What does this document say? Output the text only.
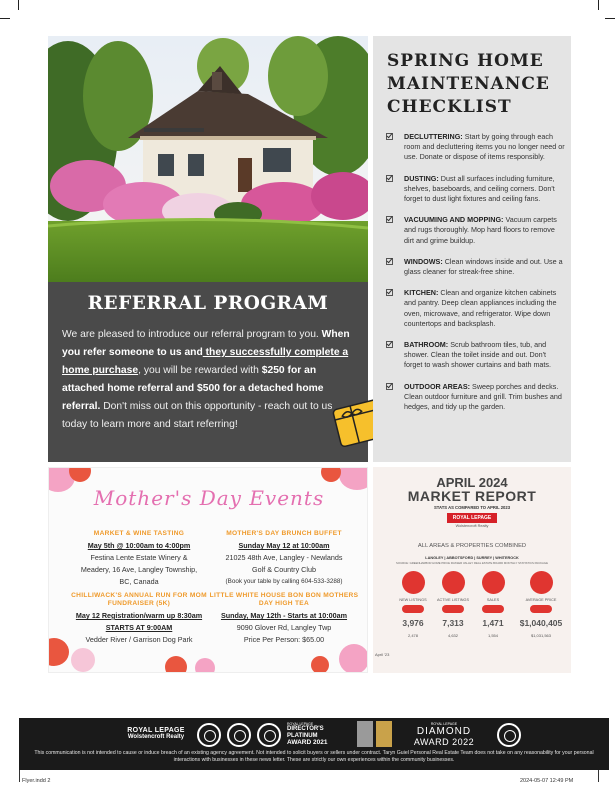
REFERRAL PROGRAM
We are pleased to introduce our referral program to you. When you refer someone to us and they successfully complete a home purchase, you will be rewarded with $250 for an attached home referral and $500 for a detached home referral. Don't miss out on this opportunity - reach out to us today to learn more and start referring!
SPRING HOME MAINTENANCE CHECKLIST
DECLUTTERING: Start by going through each room and decluttering items you no longer need or use. Donate or dispose of items responsibly.
DUSTING: Dust all surfaces including furniture, shelves, baseboards, and ceiling corners. Don't forget to dust light fixtures and ceiling fans.
VACUUMING AND MOPPING: Vacuum carpets and rugs thoroughly. Mop hard floors to remove dirt and grime buildup.
WINDOWS: Clean windows inside and out. Use a glass cleaner for streak-free shine.
KITCHEN: Clean and organize kitchen cabinets and pantry. Deep clean appliances including the oven, microwave, and refrigerator. Wipe down countertops and backsplash.
BATHROOM: Scrub bathroom tiles, tub, and shower. Clean the toilet inside and out. Don't forget to wash shower curtains and bath mats.
OUTDOOR AREAS: Sweep porches and decks. Clean outdoor furniture and grill. Trim bushes and hedges, and tidy up the garden.
Mother's Day Events
MARKET & WINE TASTING
May 5th @ 10:00am to 4:00pm
Festina Lente Estate Winery &
Meadery, 16 Ave, Langley Township,
BC, Canada
MOTHER'S DAY BRUNCH BUFFET
Sunday May 12 at 10:00am
21025 48th Ave, Langley - Newlands
Golf & Country Club
(Book your table by calling 604-533-3288)
CHILLIWACK'S ANNUAL RUN FOR MOM FUNDRAISER (5K)
May 12 Registration/warm up 8:30am
STARTS AT 9:00AM
Vedder River / Garrison Dog Park
LITTLE WHITE HOUSE BON BON MOTHERS DAY HIGH TEA
Sunday, May 12th - Starts at 10:00am
9090 Glover Rd, Langley Twp
Price Per Person: $65.00
APRIL 2024
MARKET REPORT
STATS AS COMPARED TO APRIL 2023
ROYAL LEPAGE
Wolstencroft Realty
ALL AREAS & PROPERTIES COMBINED
LANGLEY | ABBOTSFORD | SURREY | WHITEROCK
SOURCE: GREENHARBOR HOME PRICE FRASER VALLEY REAL ESTATE BOARD MONTHLY STATISTICS PACKAGE
NEW LISTINGS
3,976
2,478
ACTIVE LISTINGS
7,313
4,632
SALES
1,471
1,554
AVERAGE PRICE
$1,040,405
$1,031,563
April '23
ROYAL LEPAGE
Wolstencroft Realty
ROYAL LEPAGE
DIRECTOR'S
PLATINUM
AWARD 2021
ROYAL LEPAGE
DIAMOND
AWARD 2022
This communication is not intended to cause or induce breach of an existing agency agreement. Not intended to solicit buyers or sellers under contract. Taryn Guiel Personal Real Estate Team does not take on any reasonability for your personal interactions with businesses in these news letter. These are strictly our own experiences within the community businesses.
Flyer.indd 2	2024-05-07 12:49 PM
